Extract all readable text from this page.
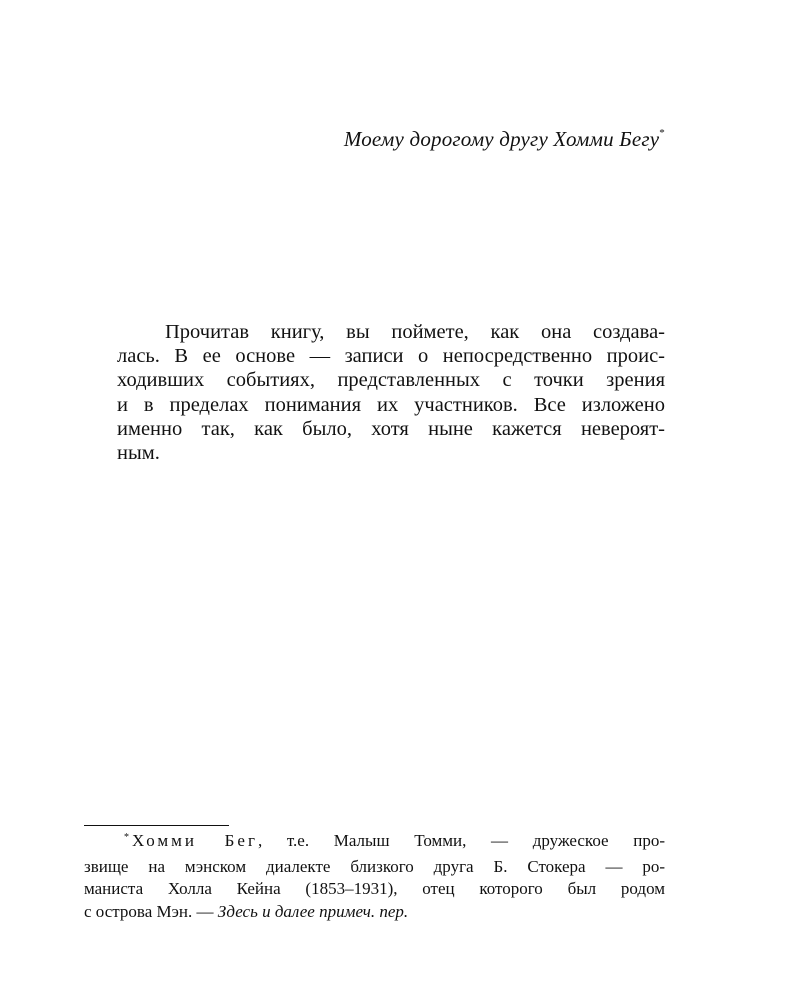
Моему дорогому другу Хомми Бегу*
Прочитав книгу, вы поймете, как она создава-
лась. В ее основе — записи о непосредственно проис-
ходивших событиях, представленных с точки зрения
и в пределах понимания их участников. Все изложено
именно так, как было, хотя ныне кажется невероят-
ным.
* Хомми Бег, т.е. Малыш Томми, — дружеское про-
звище на мэнском диалекте близкого друга Б. Стокера — ро-
маниста Холла Кейна (1853–1931), отец которого был родом
с острова Мэн. — Здесь и далее примеч. пер.
